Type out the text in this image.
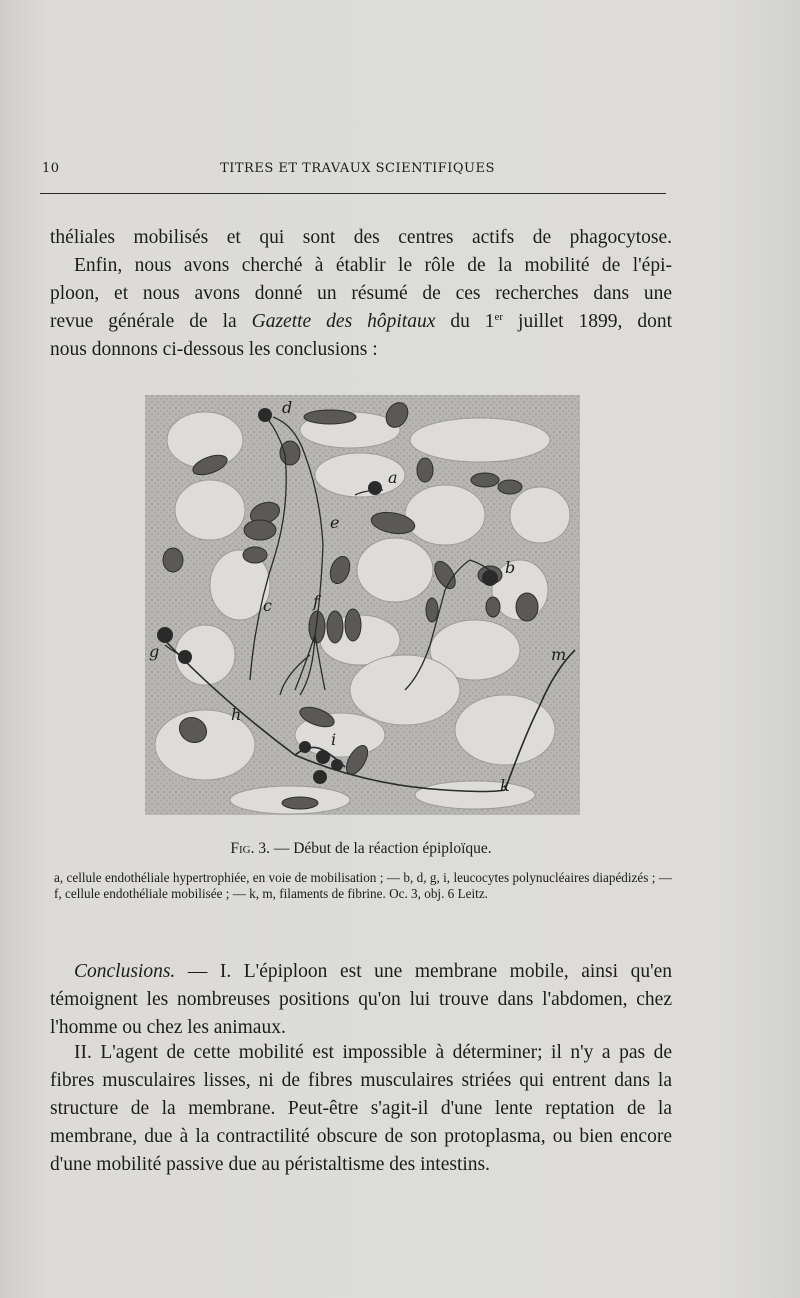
10	TITRES ET TRAVAUX SCIENTIFIQUES
théliales mobilisés et qui sont des centres actifs de phagocytose.
Enfin, nous avons cherché à établir le rôle de la mobilité de l'épi-
ploon, et nous avons donné un résumé de ces recherches dans une
revue générale de la Gazette des hôpitaux du 1er juillet 1899, dont
nous donnons ci-dessous les conclusions :
d
a
e
b
c	f
g	m
h
i
k
Fig. 3. — Début de la réaction épiploïque.
a, cellule endothéliale hypertrophiée, en voie de mobilisation ; — b, d, g, i, leucocytes polynucléaires diapédizés ; — f, cellule endothéliale mobilisée ; — k, m, filaments de fibrine. Oc. 3, obj. 6 Leitz.
Conclusions. — I. L'épiploon est une membrane mobile, ainsi qu'en témoignent les nombreuses positions qu'on lui trouve dans l'abdomen, chez l'homme ou chez les animaux.
II. L'agent de cette mobilité est impossible à déterminer; il n'y a pas de fibres musculaires lisses, ni de fibres musculaires striées qui entrent dans la structure de la membrane. Peut-être s'agit-il d'une lente reptation de la membrane, due à la contractilité obscure de son protoplasma, ou bien encore d'une mobilité passive due au péristaltisme des intestins.
